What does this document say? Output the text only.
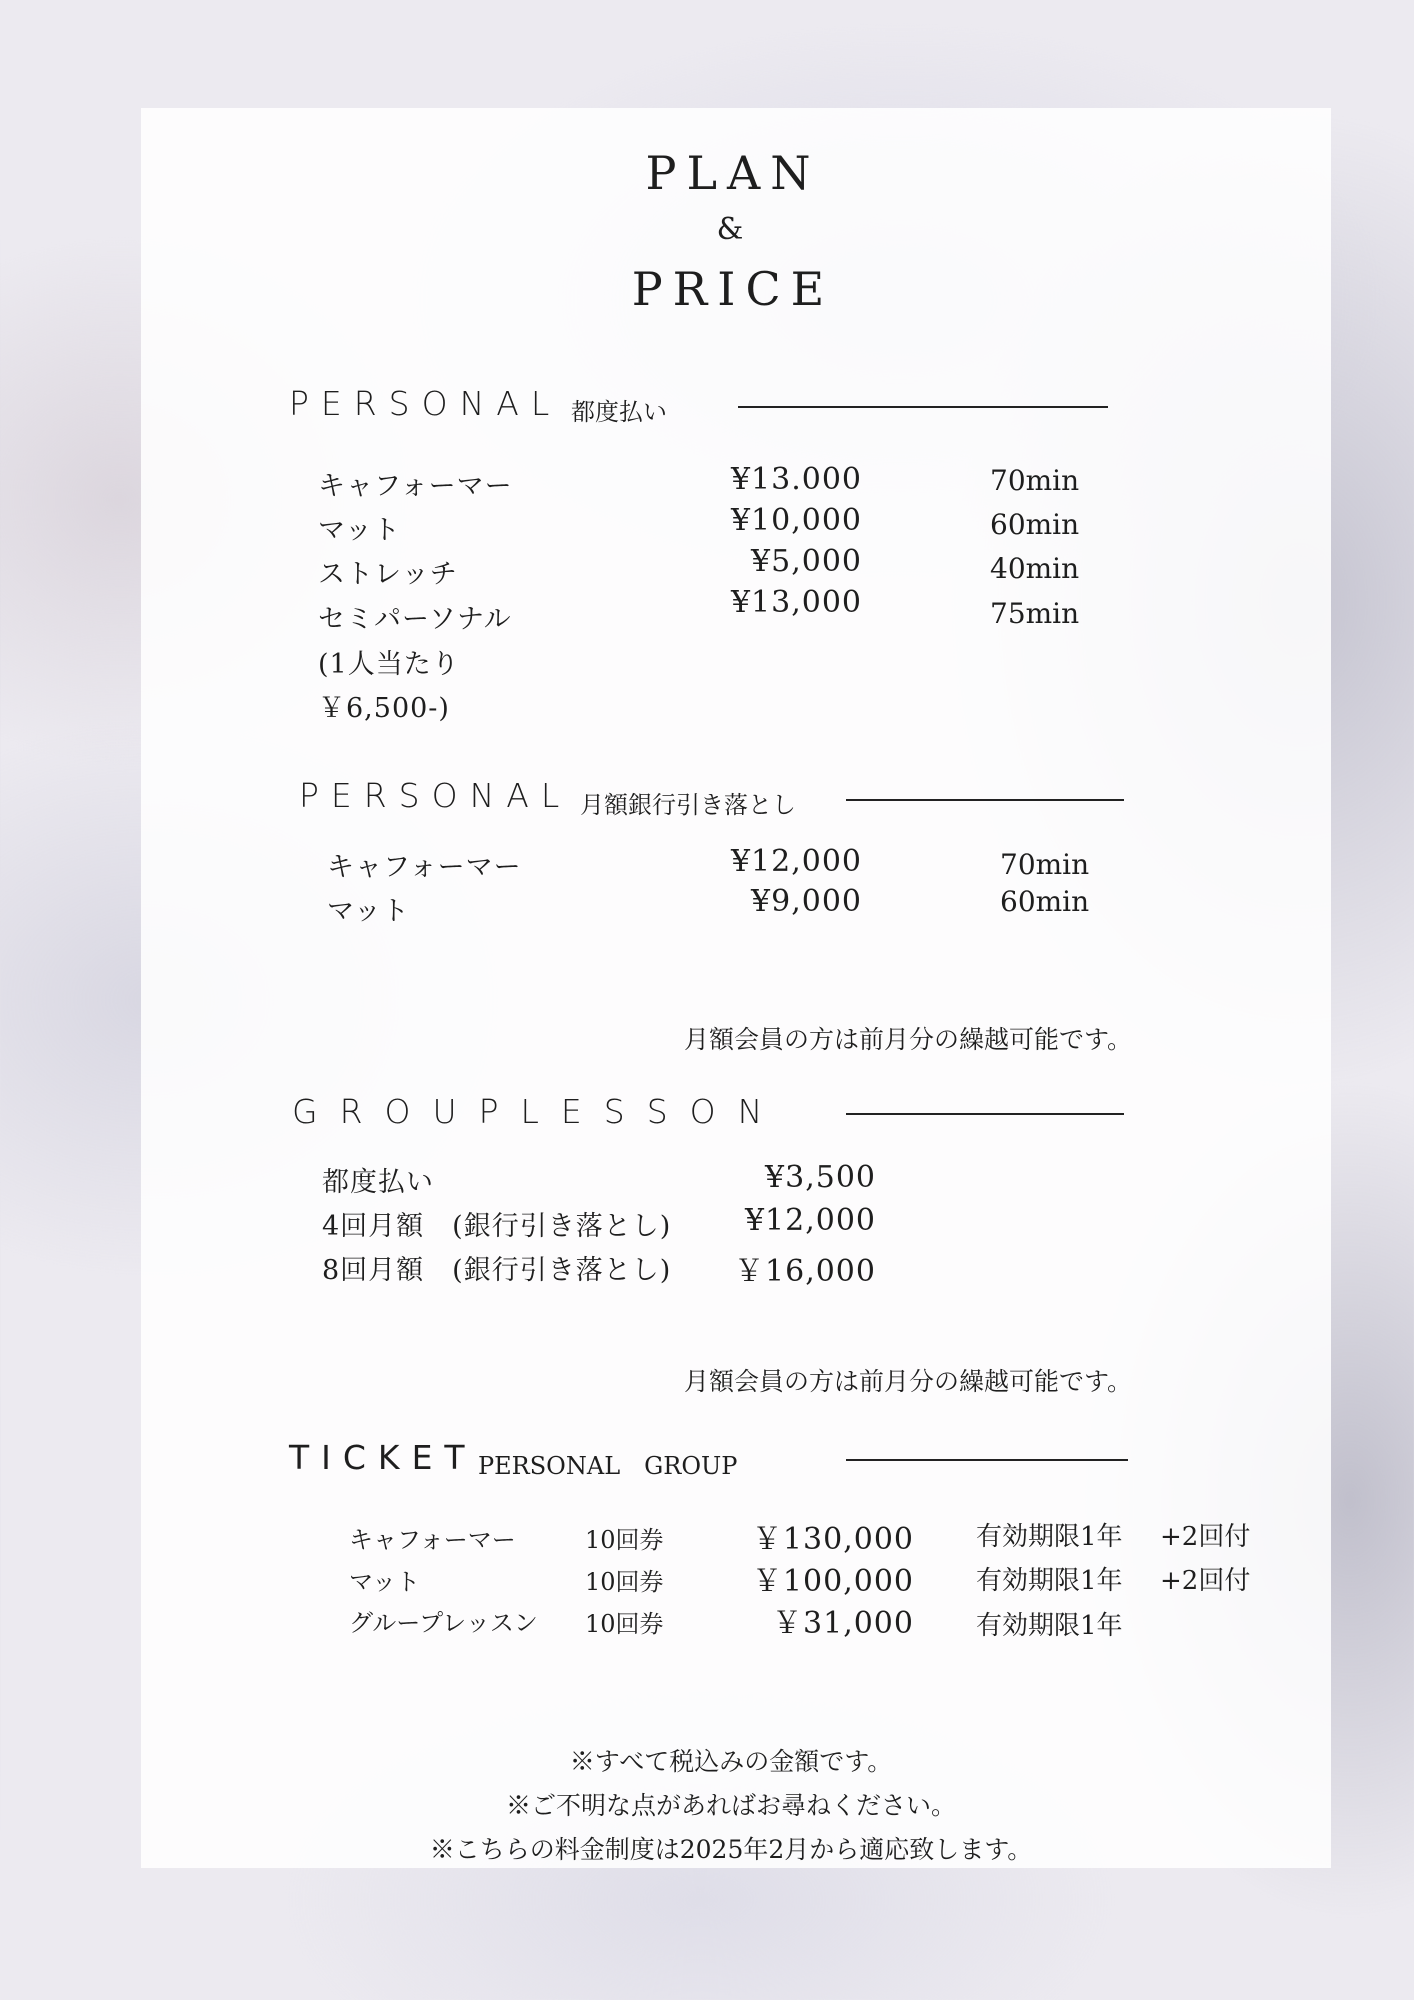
PLAN
&
PRICE
PERSONAL 都度払い
キャフォーマー	¥13.000	70min
マット	¥10,000	60min
ストレッチ	¥5,000	40min
セミパーソナル	¥13,000	75min
(1人当たり
￥6,500-)
PERSONAL 月額銀行引き落とし
キャフォーマー	¥12,000	70min
マット	¥9,000	60min
月額会員の方は前月分の繰越可能です。
GROUPLESSON
都度払い	¥3,500
4回月額　(銀行引き落とし)	¥12,000
8回月額　(銀行引き落とし)	￥16,000
月額会員の方は前月分の繰越可能です。
TICKET PERSONAL　GROUP
キャフォーマー	10回券	￥130,000 有効期限1年 +2回付
マット	10回券	￥100,000 有効期限1年 +2回付
グループレッスン 10回券	￥31,000 有効期限1年
※すべて税込みの金額です。
※ご不明な点があればお尋ねください。
※こちらの料金制度は2025年2月から適応致します。
